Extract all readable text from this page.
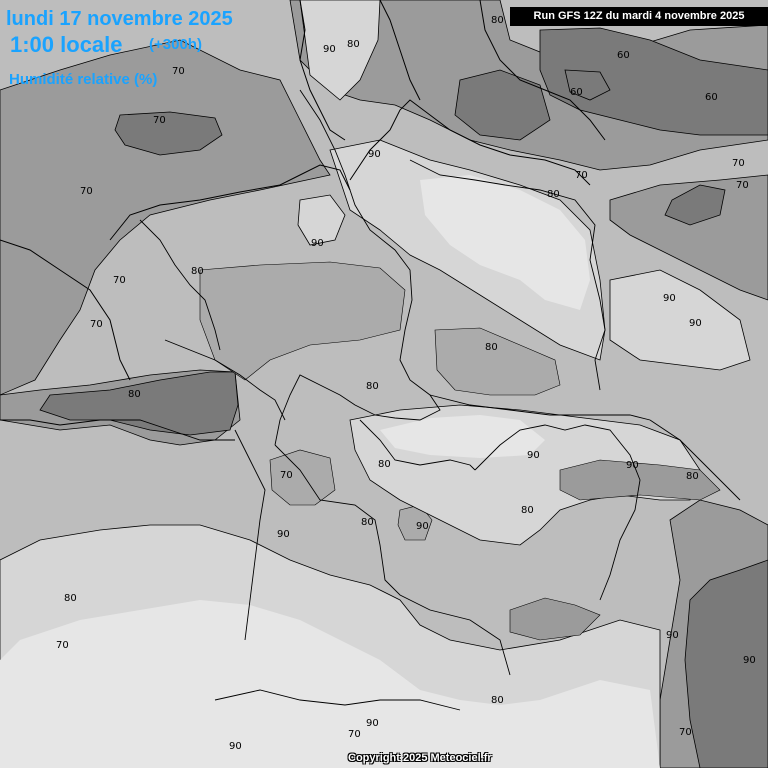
80
90 80
60
60	60
70
70
70
90
70
80
70
90
80
70
70
70
80
80
90
90
80
70
80
90
90
80
80
80	90
90
80
70
90
90
80
90
70
90
70
lundi 17 novembre 2025
1:00 locale (+300h)
Humidité relative (%)
Run GFS 12Z du mardi 4 novembre 2025
Copyright 2025 Meteociel.fr
